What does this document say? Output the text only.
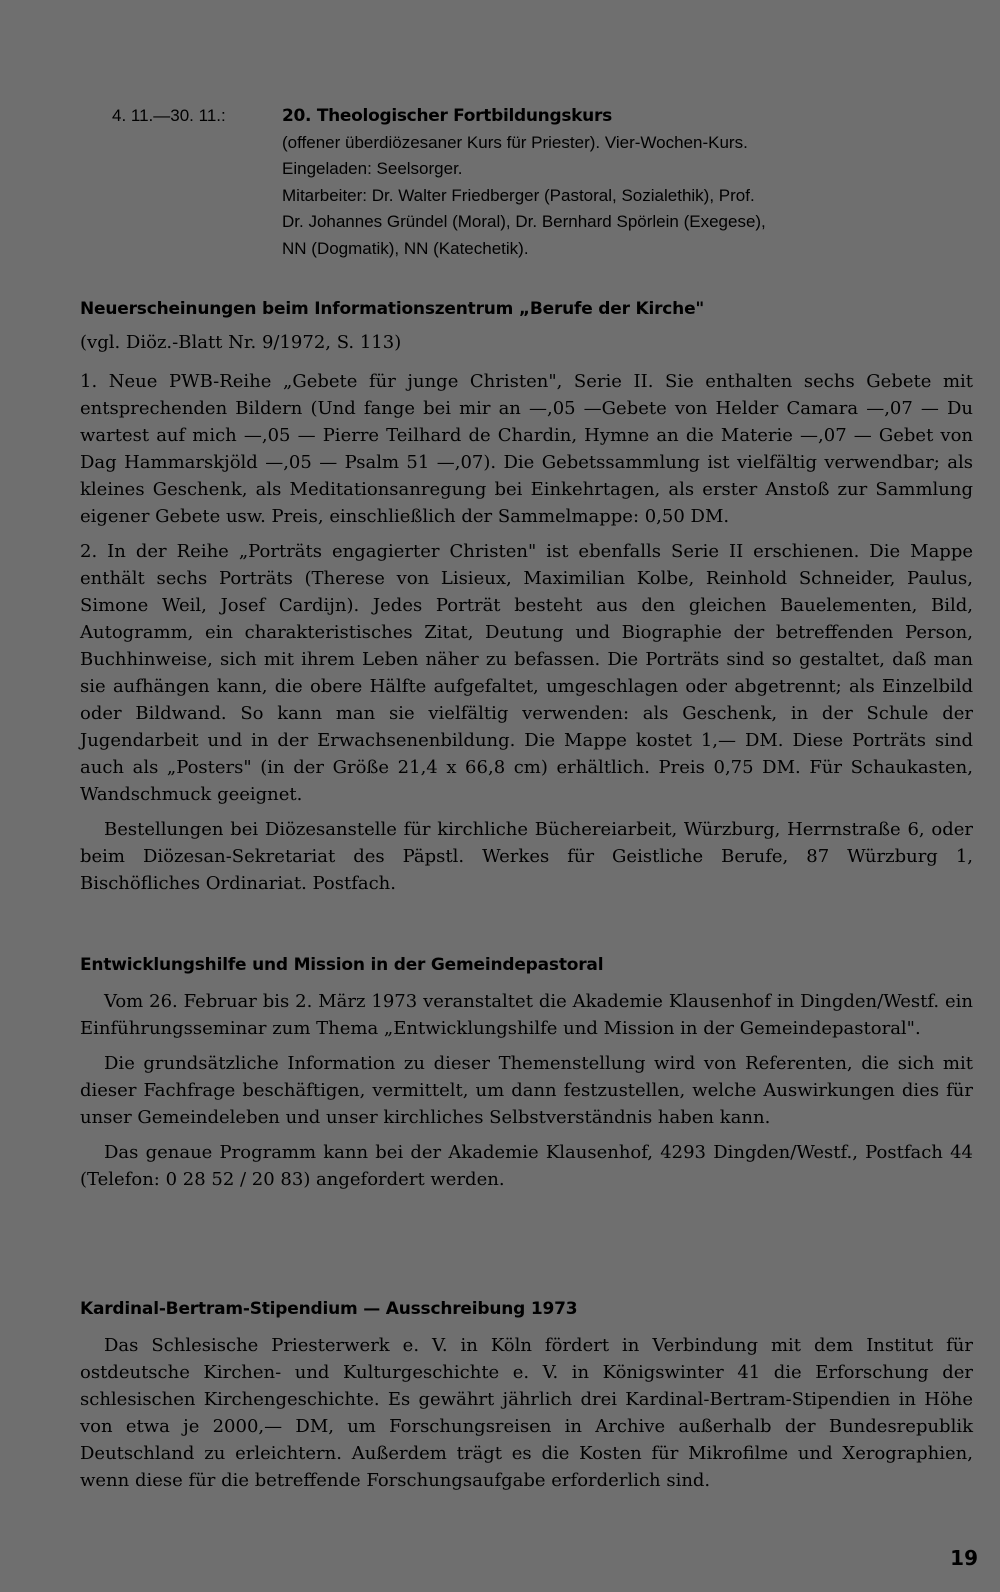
4. 11.—30. 11.:	20. Theologischer Fortbildungskurs
(offener überdiözesaner Kurs für Priester). Vier-Wochen-Kurs.
Eingeladen: Seelsorger.
Mitarbeiter: Dr. Walter Friedberger (Pastoral, Sozialethik), Prof.
Dr. Johannes Gründel (Moral), Dr. Bernhard Spörlein (Exegese),
NN (Dogmatik), NN (Katechetik).
Neuerscheinungen beim Informationszentrum „Berufe der Kirche"
(vgl. Diöz.-Blatt Nr. 9/1972, S. 113)

1. Neue PWB-Reihe „Gebete für junge Christen", Serie II. Sie enthalten sechs Gebete mit entsprechenden Bildern (Und fange bei mir an —,05 —Gebete von Helder Camara —,07 — Du wartest auf mich —,05 — Pierre Teilhard de Chardin, Hymne an die Materie —,07 — Gebet von Dag Hammarskjöld —,05 — Psalm 51 —,07). Die Gebetssammlung ist vielfältig verwendbar; als kleines Geschenk, als Meditationsanregung bei Einkehrtagen, als erster Anstoß zur Sammlung eigener Gebete usw. Preis, einschließlich der Sammelmappe: 0,50 DM.

2. In der Reihe „Porträts engagierter Christen" ist ebenfalls Serie II erschienen. Die Mappe enthält sechs Porträts (Therese von Lisieux, Maximilian Kolbe, Reinhold Schneider, Paulus, Simone Weil, Josef Cardijn). Jedes Porträt besteht aus den gleichen Bauelementen, Bild, Autogramm, ein charakteristisches Zitat, Deutung und Biographie der betreffenden Person, Buchhinweise, sich mit ihrem Leben näher zu befassen. Die Porträts sind so gestaltet, daß man sie aufhängen kann, die obere Hälfte aufgefaltet, umgeschlagen oder abgetrennt; als Einzelbild oder Bildwand. So kann man sie vielfältig verwenden: als Geschenk, in der Schule der Jugendarbeit und in der Erwachsenenbildung. Die Mappe kostet 1,— DM. Diese Porträts sind auch als „Posters" (in der Größe 21,4 x 66,8 cm) erhältlich. Preis 0,75 DM. Für Schaukasten, Wandschmuck geeignet.

Bestellungen bei Diözesanstelle für kirchliche Büchereiarbeit, Würzburg, Herrnstraße 6, oder beim Diözesan-Sekretariat des Päpstl. Werkes für Geistliche Berufe, 87 Würzburg 1, Bischöfliches Ordinariat. Postfach.

Entwicklungshilfe und Mission in der Gemeindepastoral

Vom 26. Februar bis 2. März 1973 veranstaltet die Akademie Klausenhof in Dingden/Westf. ein Einführungsseminar zum Thema „Entwicklungshilfe und Mission in der Gemeindepastoral".

Die grundsätzliche Information zu dieser Themenstellung wird von Referenten, die sich mit dieser Fachfrage beschäftigen, vermittelt, um dann festzustellen, welche Auswirkungen dies für unser Gemeindeleben und unser kirchliches Selbstverständnis haben kann.

Das genaue Programm kann bei der Akademie Klausenhof, 4293 Dingden/Westf., Postfach 44 (Telefon: 0 28 52 / 20 83) angefordert werden.

Kardinal-Bertram-Stipendium — Ausschreibung 1973

Das Schlesische Priesterwerk e. V. in Köln fördert in Verbindung mit dem Institut für ostdeutsche Kirchen- und Kulturgeschichte e. V. in Königswinter 41 die Erforschung der schlesischen Kirchengeschichte. Es gewährt jährlich drei Kardinal-Bertram-Stipendien in Höhe von etwa je 2000,— DM, um Forschungsreisen in Archive außerhalb der Bundesrepublik Deutschland zu erleichtern. Außerdem trägt es die Kosten für Mikrofilme und Xerographien, wenn diese für die betreffende Forschungsaufgabe erforderlich sind.

19
